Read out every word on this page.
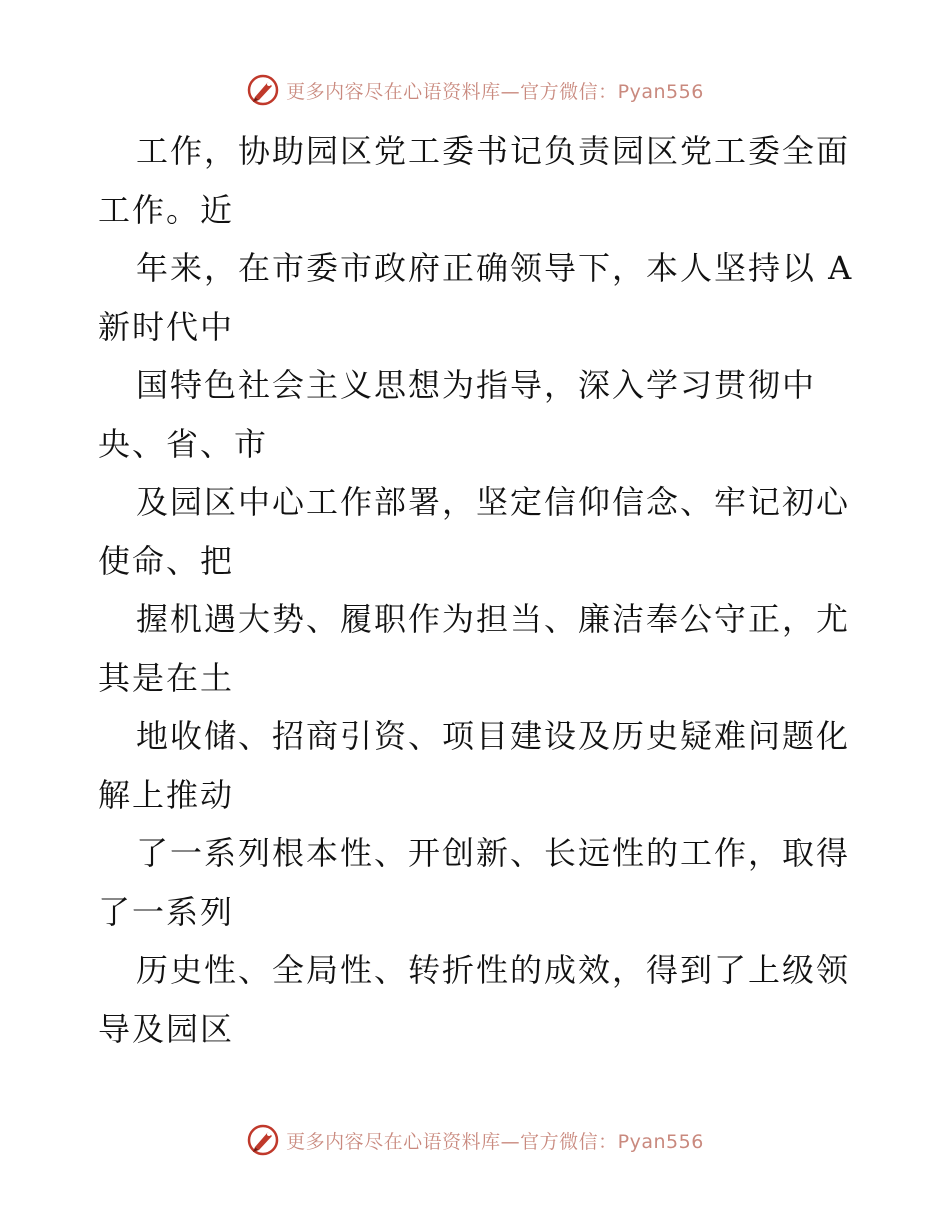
更多内容尽在心语资料库—官方微信：Pyan556
工作，协助园区党工委书记负责园区党工委全面
工作。近
年来，在市委市政府正确领导下，本人坚持以 A
新时代中
国特色社会主义思想为指导，深入学习贯彻中
央、省、市
及园区中心工作部署，坚定信仰信念、牢记初心
使命、把
握机遇大势、履职作为担当、廉洁奉公守正，尤
其是在土
地收储、招商引资、项目建设及历史疑难问题化
解上推动
了一系列根本性、开创新、长远性的工作，取得
了一系列
历史性、全局性、转折性的成效，得到了上级领
导及园区
更多内容尽在心语资料库—官方微信：Pyan556
